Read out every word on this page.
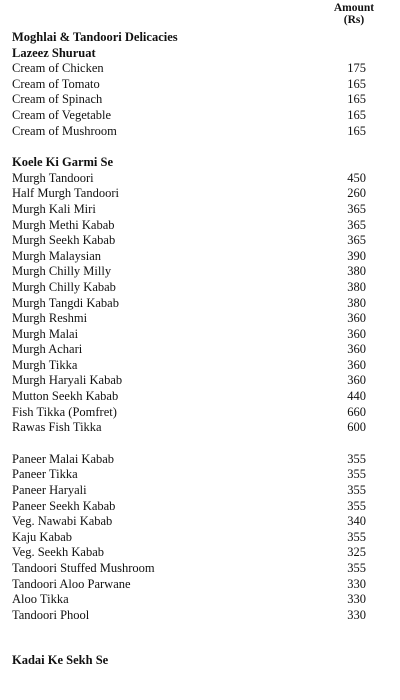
Amount
(Rs)
Moghlai & Tandoori Delicacies
Lazeez Shuruat
Cream of Chicken	175
Cream of Tomato	165
Cream of Spinach	165
Cream of Vegetable	165
Cream of Mushroom	165
Koele Ki Garmi Se
Murgh Tandoori	450
Half Murgh Tandoori	260
Murgh Kali Miri	365
Murgh Methi Kabab	365
Murgh Seekh Kabab	365
Murgh Malaysian	390
Murgh Chilly Milly	380
Murgh Chilly Kabab	380
Murgh Tangdi Kabab	380
Murgh Reshmi	360
Murgh Malai	360
Murgh Achari	360
Murgh Tikka	360
Murgh Haryali Kabab	360
Mutton Seekh Kabab	440
Fish Tikka (Pomfret)	660
Rawas Fish Tikka	600
Paneer Malai Kabab	355
Paneer Tikka	355
Paneer Haryali	355
Paneer Seekh Kabab	355
Veg. Nawabi Kabab	340
Kaju Kabab	355
Veg. Seekh Kabab	325
Tandoori Stuffed Mushroom	355
Tandoori Aloo Parwane	330
Aloo Tikka	330
Tandoori Phool	330
Kadai Ke Sekh Se
